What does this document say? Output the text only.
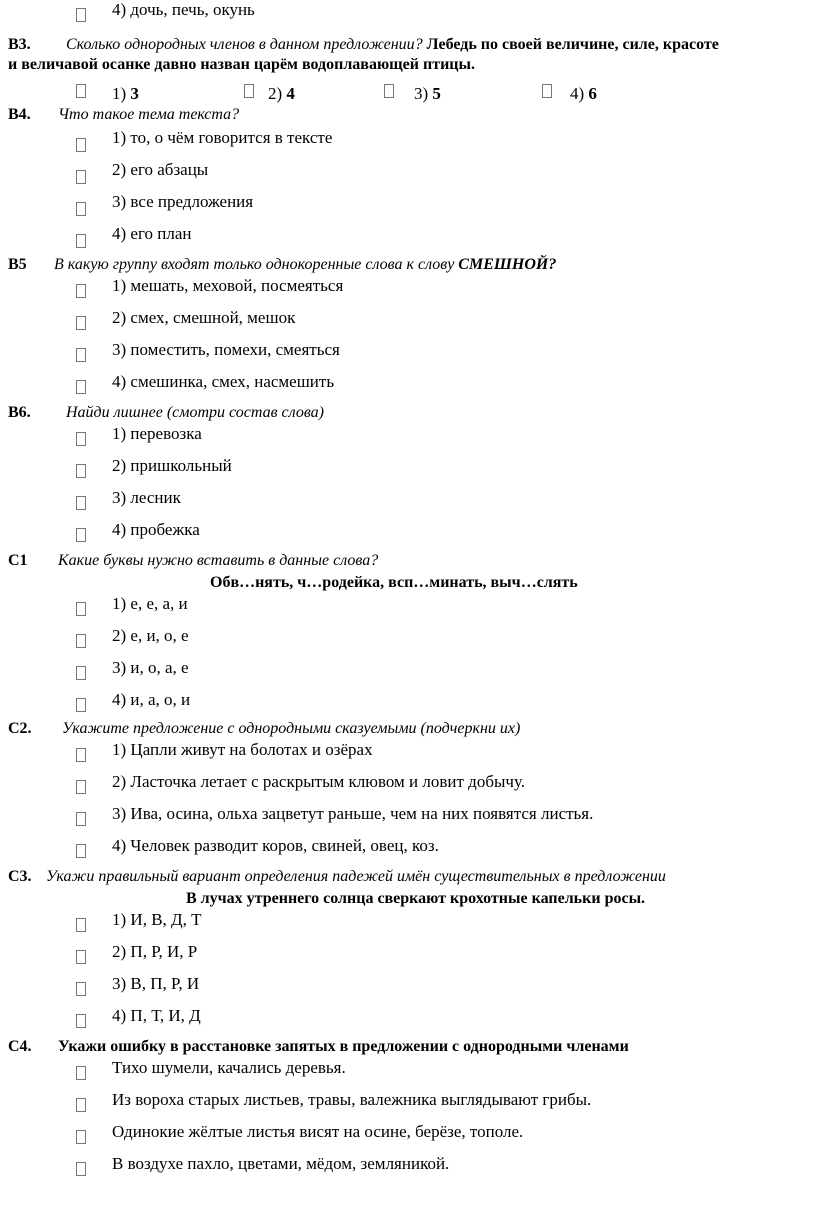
4) дочь, печь, окунь
В3. Сколько однородных членов в данном предложении? Лебедь по своей величине, силе, красоте
и величавой осанке давно назван царём водоплавающей птицы.
1) 3	2) 4	3) 5	4) 6
В4. Что такое тема текста?
1) то, о чём говорится в тексте
2) его абзацы
3) все предложения
4) его план
В5 В какую группу входят только однокоренные слова к слову СМЕШНОЙ?
1) мешать, меховой, посмеяться
2) смех, смешной, мешок
3) поместить, помехи, смеяться
4) смешинка, смех, насмешить
В6. Найди лишнее (смотри состав слова)
1) перевозка
2) пришкольный
3) лесник
4) пробежка
С1 Какие буквы нужно вставить в данные слова?
Обв…нять, ч…родейка, всп…минать, выч…слять
1) е, е, а, и
2) е, и, о, е
3) и, о, а, е
4) и, а, о, и
С2. Укажите предложение с однородными сказуемыми (подчеркни их)
1) Цапли живут на болотах и озёрах
2) Ласточка летает с раскрытым клювом и ловит добычу.
3) Ива, осина, ольха зацветут раньше, чем на них появятся листья.
4) Человек разводит коров, свиней, овец, коз.
С3. Укажи правильный вариант определения падежей имён существительных в предложении
В лучах утреннего солнца сверкают крохотные капельки росы.
1) И, В, Д, Т
2) П, Р, И, Р
3) В, П, Р, И
4) П, Т, И, Д
С4. Укажи ошибку в расстановке запятых в предложении с однородными членами
Тихо шумели, качались деревья.
Из вороха старых листьев, травы, валежника выглядывают грибы.
Одинокие жёлтые листья висят на осине, берёзе, тополе.
В воздухе пахло, цветами, мёдом, земляникой.
